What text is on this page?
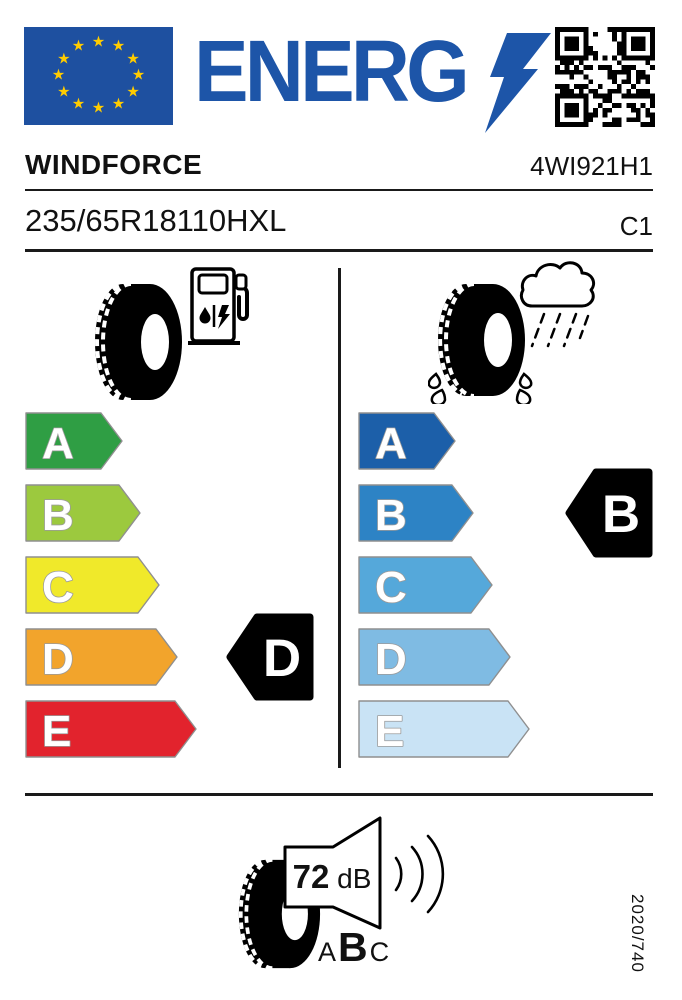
★ ★
★
★
★
★
★
★
★
★
★
★ ENERG
WINDFORCE	4WI921H1
235/65R18110HXL	C1
A
B
C
D
E
A
B
C
D
E
D
B
72 dB
A B C	2020/740
